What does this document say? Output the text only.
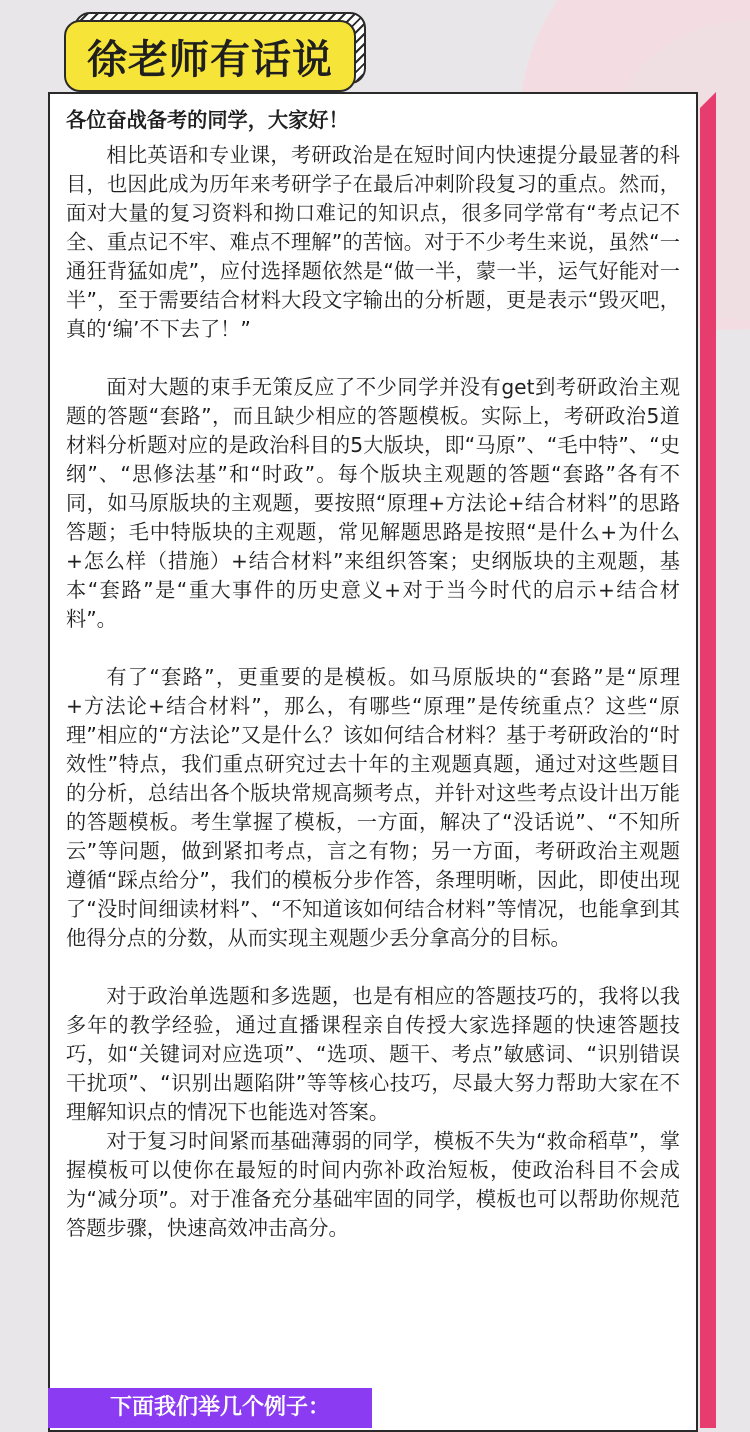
徐老师有话说
各位奋战备考的同学，大家好！

相比英语和专业课，考研政治是在短时间内快速提分最显著的科目，也因此成为历年来考研学子在最后冲刺阶段复习的重点。然而，面对大量的复习资料和拗口难记的知识点，很多同学常有“考点记不全、重点记不牢、难点不理解”的苦恼。对于不少考生来说，虽然“一通狂背猛如虎”，应付选择题依然是“做一半，蒙一半，运气好能对一半”，至于需要结合材料大段文字输出的分析题，更是表示“毁灭吧，真的‘编’不下去了！”

面对大题的束手无策反应了不少同学并没有get到考研政治主观题的答题“套路”，而且缺少相应的答题模板。实际上，考研政治5道材料分析题对应的是政治科目的5大版块，即“马原”、“毛中特”、“史纲”、“思修法基”和“时政”。每个版块主观题的答题“套路”各有不同，如马原版块的主观题，要按照“原理+方法论+结合材料”的思路答题；毛中特版块的主观题，常见解题思路是按照“是什么+为什么+怎么样（措施）+结合材料”来组织答案；史纲版块的主观题，基本“套路”是“重大事件的历史意义+对于当今时代的启示+结合材料”。

有了“套路”，更重要的是模板。如马原版块的“套路”是“原理+方法论+结合材料”，那么，有哪些“原理”是传统重点？这些“原理”相应的“方法论”又是什么？该如何结合材料？基于考研政治的“时效性”特点，我们重点研究过去十年的主观题真题，通过对这些题目的分析，总结出各个版块常规高频考点，并针对这些考点设计出万能的答题模板。考生掌握了模板，一方面，解决了“没话说”、“不知所云”等问题，做到紧扣考点，言之有物；另一方面，考研政治主观题遵循“踩点给分”，我们的模板分步作答，条理明晰，因此，即使出现了“没时间细读材料”、“不知道该如何结合材料”等情况，也能拿到其他得分点的分数，从而实现主观题少丢分拿高分的目标。

对于政治单选题和多选题，也是有相应的答题技巧的，我将以我多年的教学经验，通过直播课程亲自传授大家选择题的快速答题技巧，如“关键词对应选项”、“选项、题干、考点”敏感词、“识别错误干扰项”、“识别出题陷阱”等等核心技巧，尽最大努力帮助大家在不理解知识点的情况下也能选对答案。

对于复习时间紧而基础薄弱的同学，模板不失为“救命稻草”，掌握模板可以使你在最短的时间内弥补政治短板，使政治科目不会成为“减分项”。对于准备充分基础牢固的同学，模板也可以帮助你规范答题步骤，快速高效冲击高分。

下面我们举几个例子：
